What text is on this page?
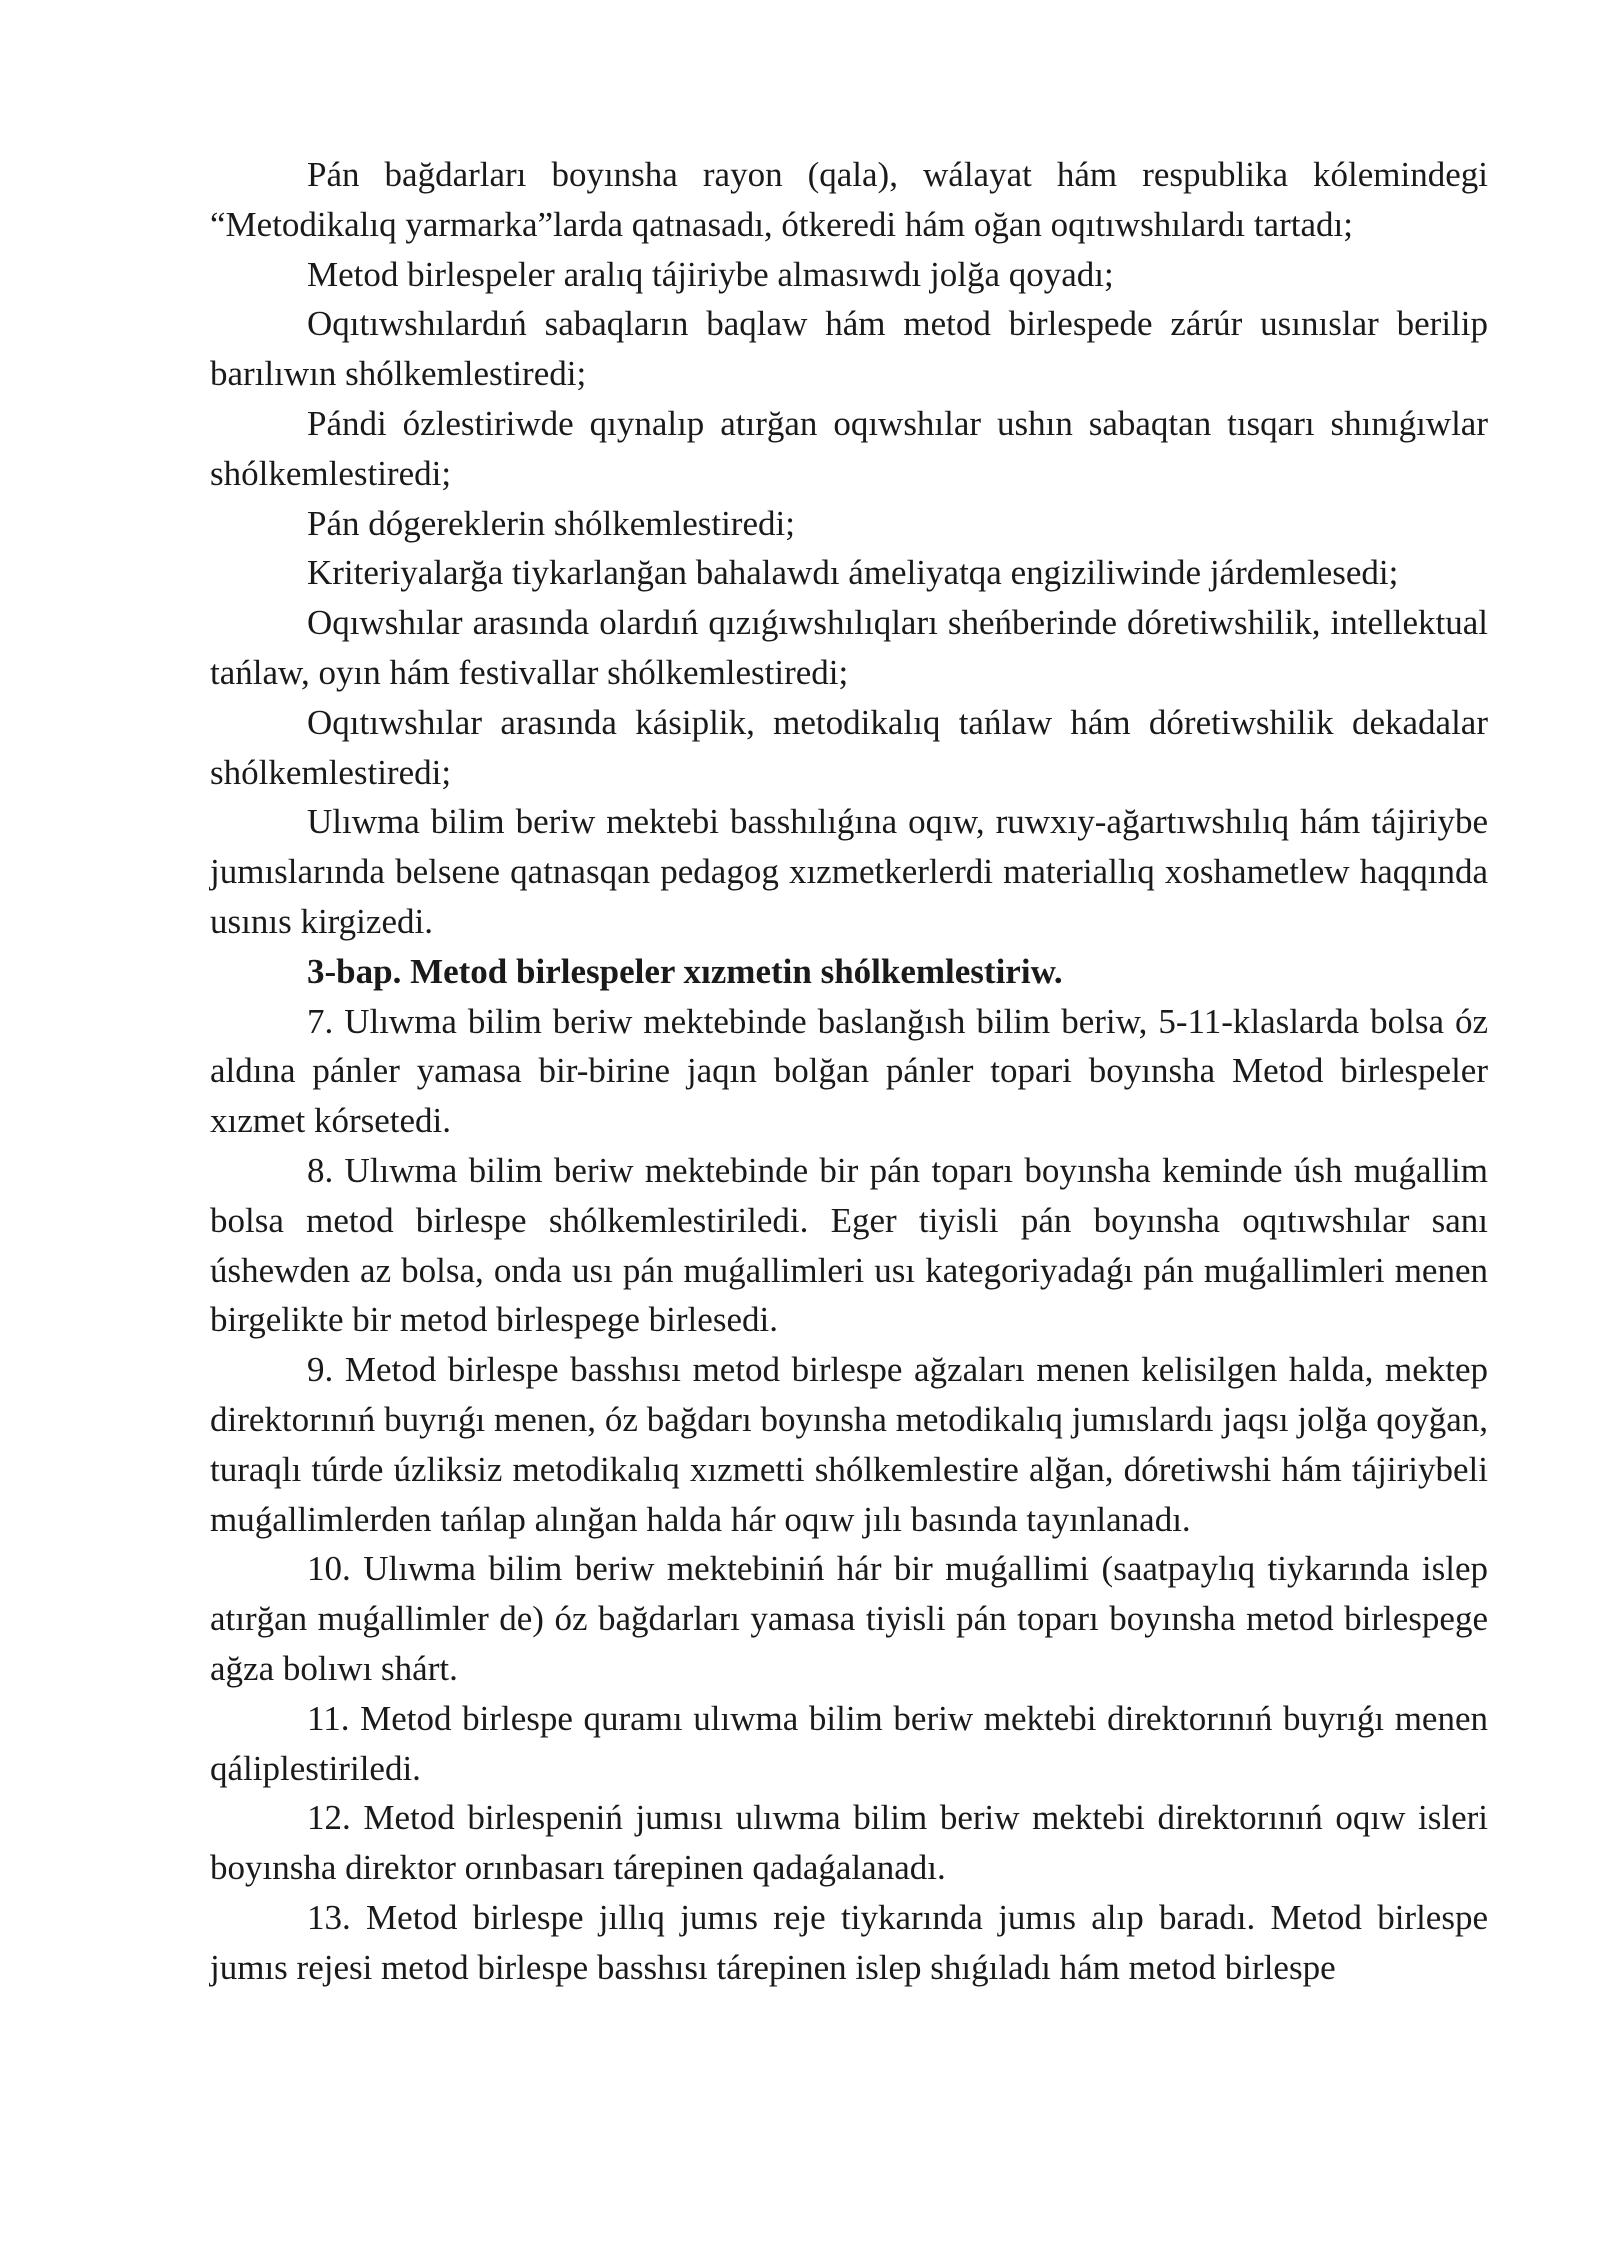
Pán bağdarları boyınsha rayon (qala), wálayat hám respublika kólemindegi “Metodikalıq yarmarka”larda qatnasadı, ótkeredi hám oğan oqıtıwshılardı tartadı;

Metod birlespeler aralıq tájiriybe almasıwdı jolğa qoyadı;

Oqıtıwshılardıń sabaqların baqlaw hám metod birlespede zárúr usınıslar berilip barılıwın shólkemlestiredi;

Pándi ózlestiriwde qıynalıp atırğan oqıwshılar ushın sabaqtan tısqarı shınıǵıwlar shólkemlestiredi;

Pán dógereklerin shólkemlestiredi;

Kriteriyalarğa tiykarlanğan bahalawdı ámeliyatqa engiziliwinde járdemlesedi;

Oqıwshılar arasında olardıń qızıǵıwshılıqları sheńberinde dóretiwshilik, intellektual tańlaw, oyın hám festivallar shólkemlestiredi;

Oqıtıwshılar arasında kásiplik, metodikalıq tańlaw hám dóretiwshilik dekadalar shólkemlestiredi;

Ulıwma bilim beriw mektebi basshılıǵına oqıw, ruwxıy-ağartıwshılıq hám tájiriybe jumıslarında belsene qatnasqan pedagog xızmetkerlerdi materiallıq xoshametlew haqqında usınıs kirgizedi.

3-bap. Metod birlespeler xızmetin shólkemlestiriw.

7. Ulıwma bilim beriw mektebinde baslanğısh bilim beriw, 5-11-klaslarda bolsa óz aldına pánler yamasa bir-birine jaqın bolğan pánler topari boyınsha Metod birlespeler xızmet kórsetedi.

8. Ulıwma bilim beriw mektebinde bir pán toparı boyınsha keminde úsh muǵallim bolsa metod birlespe shólkemlestiriledi. Eger tiyisli pán boyınsha oqıtıwshılar sanı úshewden az bolsa, onda usı pán muǵallimleri usı kategoriyadaǵı pán muǵallimleri menen birgelikte bir metod birlespege birlesedi.

9. Metod birlespe basshısı metod birlespe ağzaları menen kelisilgen halda, mektep direktorınıń buyrıǵı menen, óz bağdarı boyınsha metodikalıq jumıslardı jaqsı jolğa qoyğan, turaqlı túrde úzliksiz metodikalıq xızmetti shólkemlestire alğan, dóretiwshi hám tájiriybeli muǵallimlerden tańlap alınğan halda hár oqıw jılı basında tayınlanadı.

10. Ulıwma bilim beriw mektebiniń hár bir muǵallimi (saatpaylıq tiykarında islep atırğan muǵallimler de) óz bağdarları yamasa tiyisli pán toparı boyınsha metod birlespege ağza bolıwı shárt.

11. Metod birlespe quramı ulıwma bilim beriw mektebi direktorınıń buyrıǵı menen qáliplestiriledi.

12. Metod birlespeniń jumısı ulıwma bilim beriw mektebi direktorınıń oqıw isleri boyınsha direktor orınbasarı tárepinen qadaǵalanadı.

13. Metod birlespe jıllıq jumıs reje tiykarında jumıs alıp baradı. Metod birlespe jumıs rejesi metod birlespe basshısı tárepinen islep shıǵıladı hám metod birlespe
